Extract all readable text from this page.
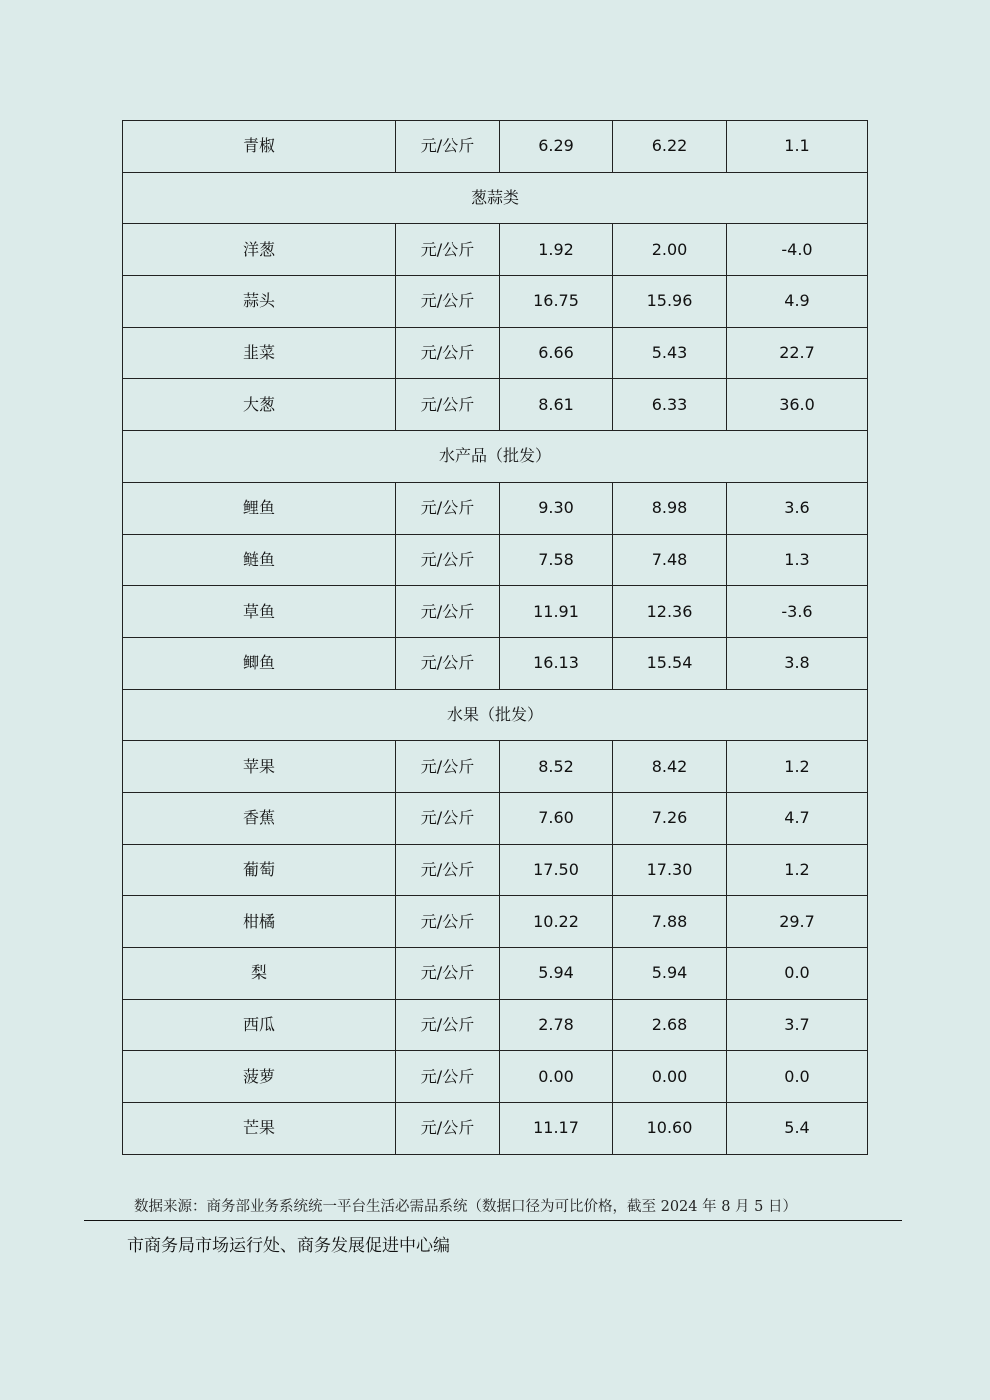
青椒	元/公斤	6.29	6.22	1.1
葱蒜类				
洋葱	元/公斤	1.92	2.00	-4.0
蒜头	元/公斤	16.75	15.96	4.9
韭菜	元/公斤	6.66	5.43	22.7
大葱	元/公斤	8.61	6.33	36.0
水产品（批发）				
鲤鱼	元/公斤	9.30	8.98	3.6
鲢鱼	元/公斤	7.58	7.48	1.3
草鱼	元/公斤	11.91	12.36	-3.6
鲫鱼	元/公斤	16.13	15.54	3.8
水果（批发）				
苹果	元/公斤	8.52	8.42	1.2
香蕉	元/公斤	7.60	7.26	4.7
葡萄	元/公斤	17.50	17.30	1.2
柑橘	元/公斤	10.22	7.88	29.7
梨	元/公斤	5.94	5.94	0.0
西瓜	元/公斤	2.78	2.68	3.7
菠萝	元/公斤	0.00	0.00	0.0
芒果	元/公斤	11.17	10.60	5.4
数据来源：商务部业务系统统一平台生活必需品系统（数据口径为可比价格，截至 2024 年 8 月 5 日）
市商务局市场运行处、商务发展促进中心编
